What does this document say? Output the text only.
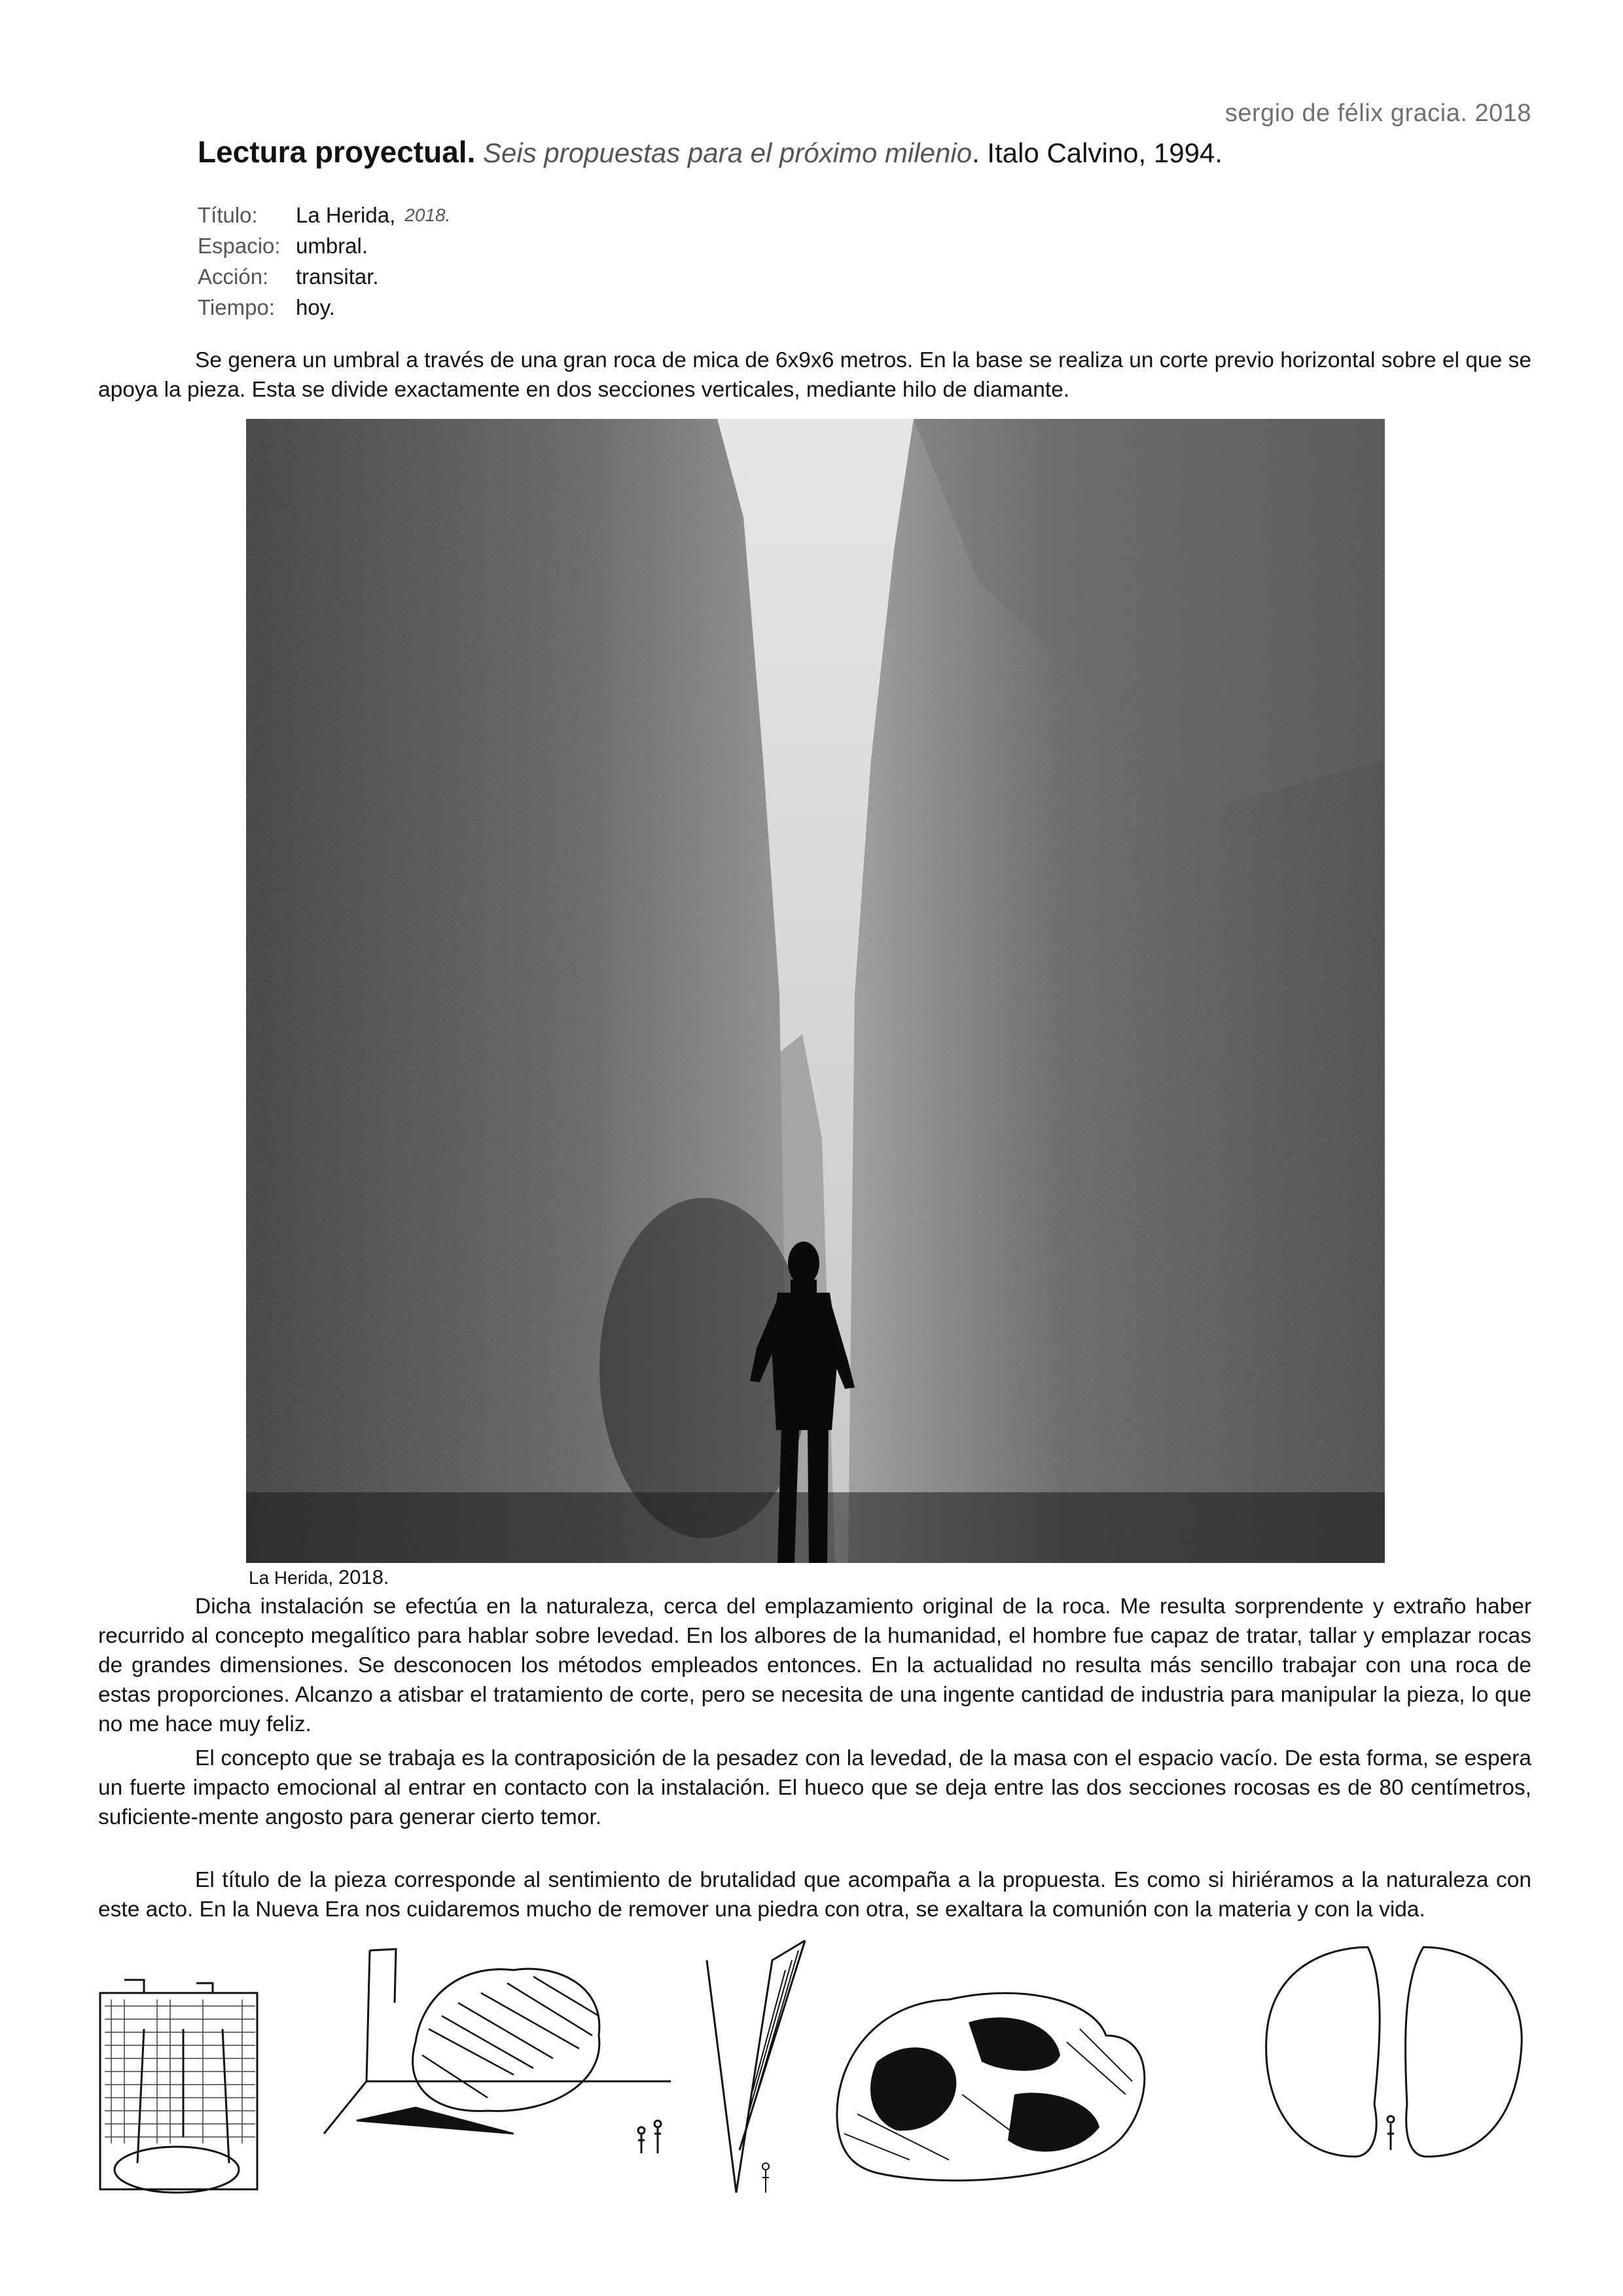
sergio de félix gracia. 2018
Lectura proyectual. Seis propuestas para el próximo milenio. Italo Calvino, 1994.
Título:	La Herida, 2018.
Espacio: umbral.
Acción:	transitar.
Tiempo: hoy.
Se genera un umbral a través de una gran roca de mica de 6x9x6 metros. En la base se realiza un corte previo horizontal sobre el que se apoya la pieza. Esta se divide exactamente en dos secciones verticales, mediante hilo de diamante.
La Herida, 2018.
Dicha instalación se efectúa en la naturaleza, cerca del emplazamiento original de la roca. Me resulta sorprendente y extraño haber recurrido al concepto megalítico para hablar sobre levedad. En los albores de la humanidad, el hombre fue capaz de tratar, tallar y emplazar rocas de grandes dimensiones. Se desconocen los métodos empleados entonces. En la actualidad no resulta más sencillo trabajar con una roca de estas proporciones. Alcanzo a atisbar el tratamiento de corte, pero se necesita de una ingente cantidad de industria para manipular la pieza, lo que no me hace muy feliz.
El concepto que se trabaja es la contraposición de la pesadez con la levedad, de la masa con el espacio vacío. De esta forma, se espera un fuerte impacto emocional al entrar en contacto con la instalación. El hueco que se deja entre las dos secciones rocosas es de 80 centímetros, suficiente-mente angosto para generar cierto temor.
El título de la pieza corresponde al sentimiento de brutalidad que acompaña a la propuesta. Es como si hiriéramos a la naturaleza con este acto. En la Nueva Era nos cuidaremos mucho de remover una piedra con otra, se exaltara la comunión con la materia y con la vida.
